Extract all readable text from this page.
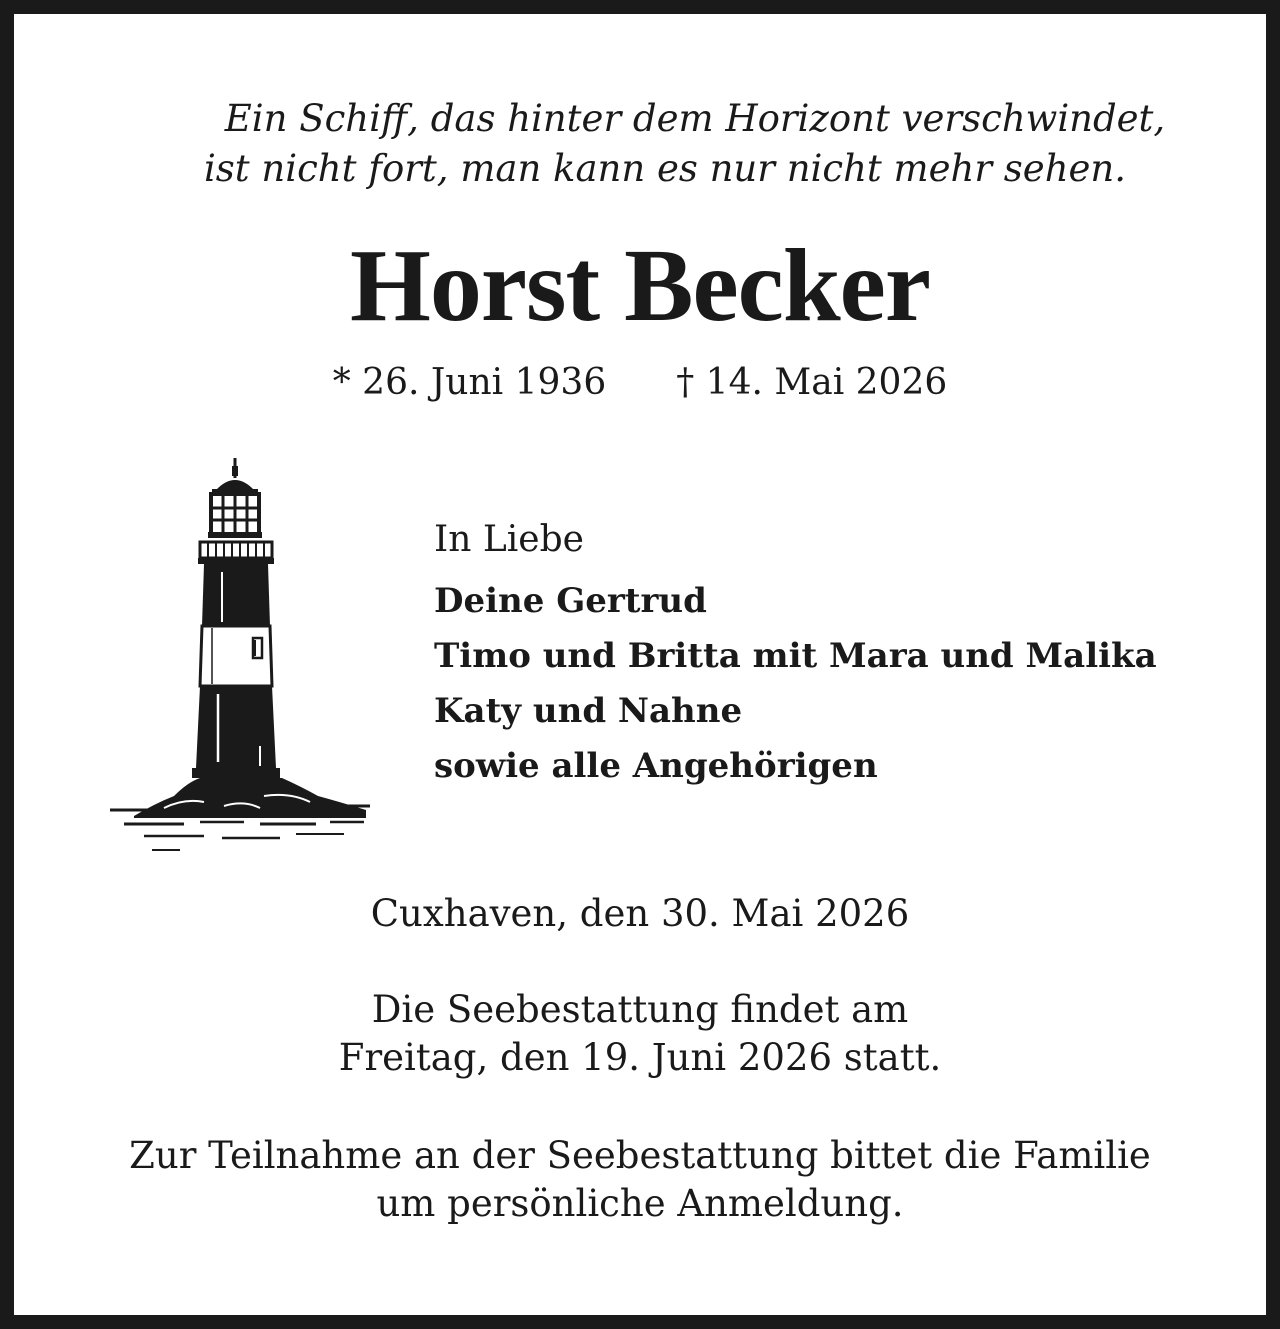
Ein Schiff, das hinter dem Horizont verschwindet,
ist nicht fort, man kann es nur nicht mehr sehen.
Horst Becker
* 26. Juni 1936 † 14. Mai 2026
In Liebe
Deine Gertrud
Timo und Britta mit Mara und Malika
Katy und Nahne
sowie alle Angehörigen
Cuxhaven, den 30. Mai 2026
Die Seebestattung findet am
Freitag, den 19. Juni 2026 statt.
Zur Teilnahme an der Seebestattung bittet die Familie
um persönliche Anmeldung.
